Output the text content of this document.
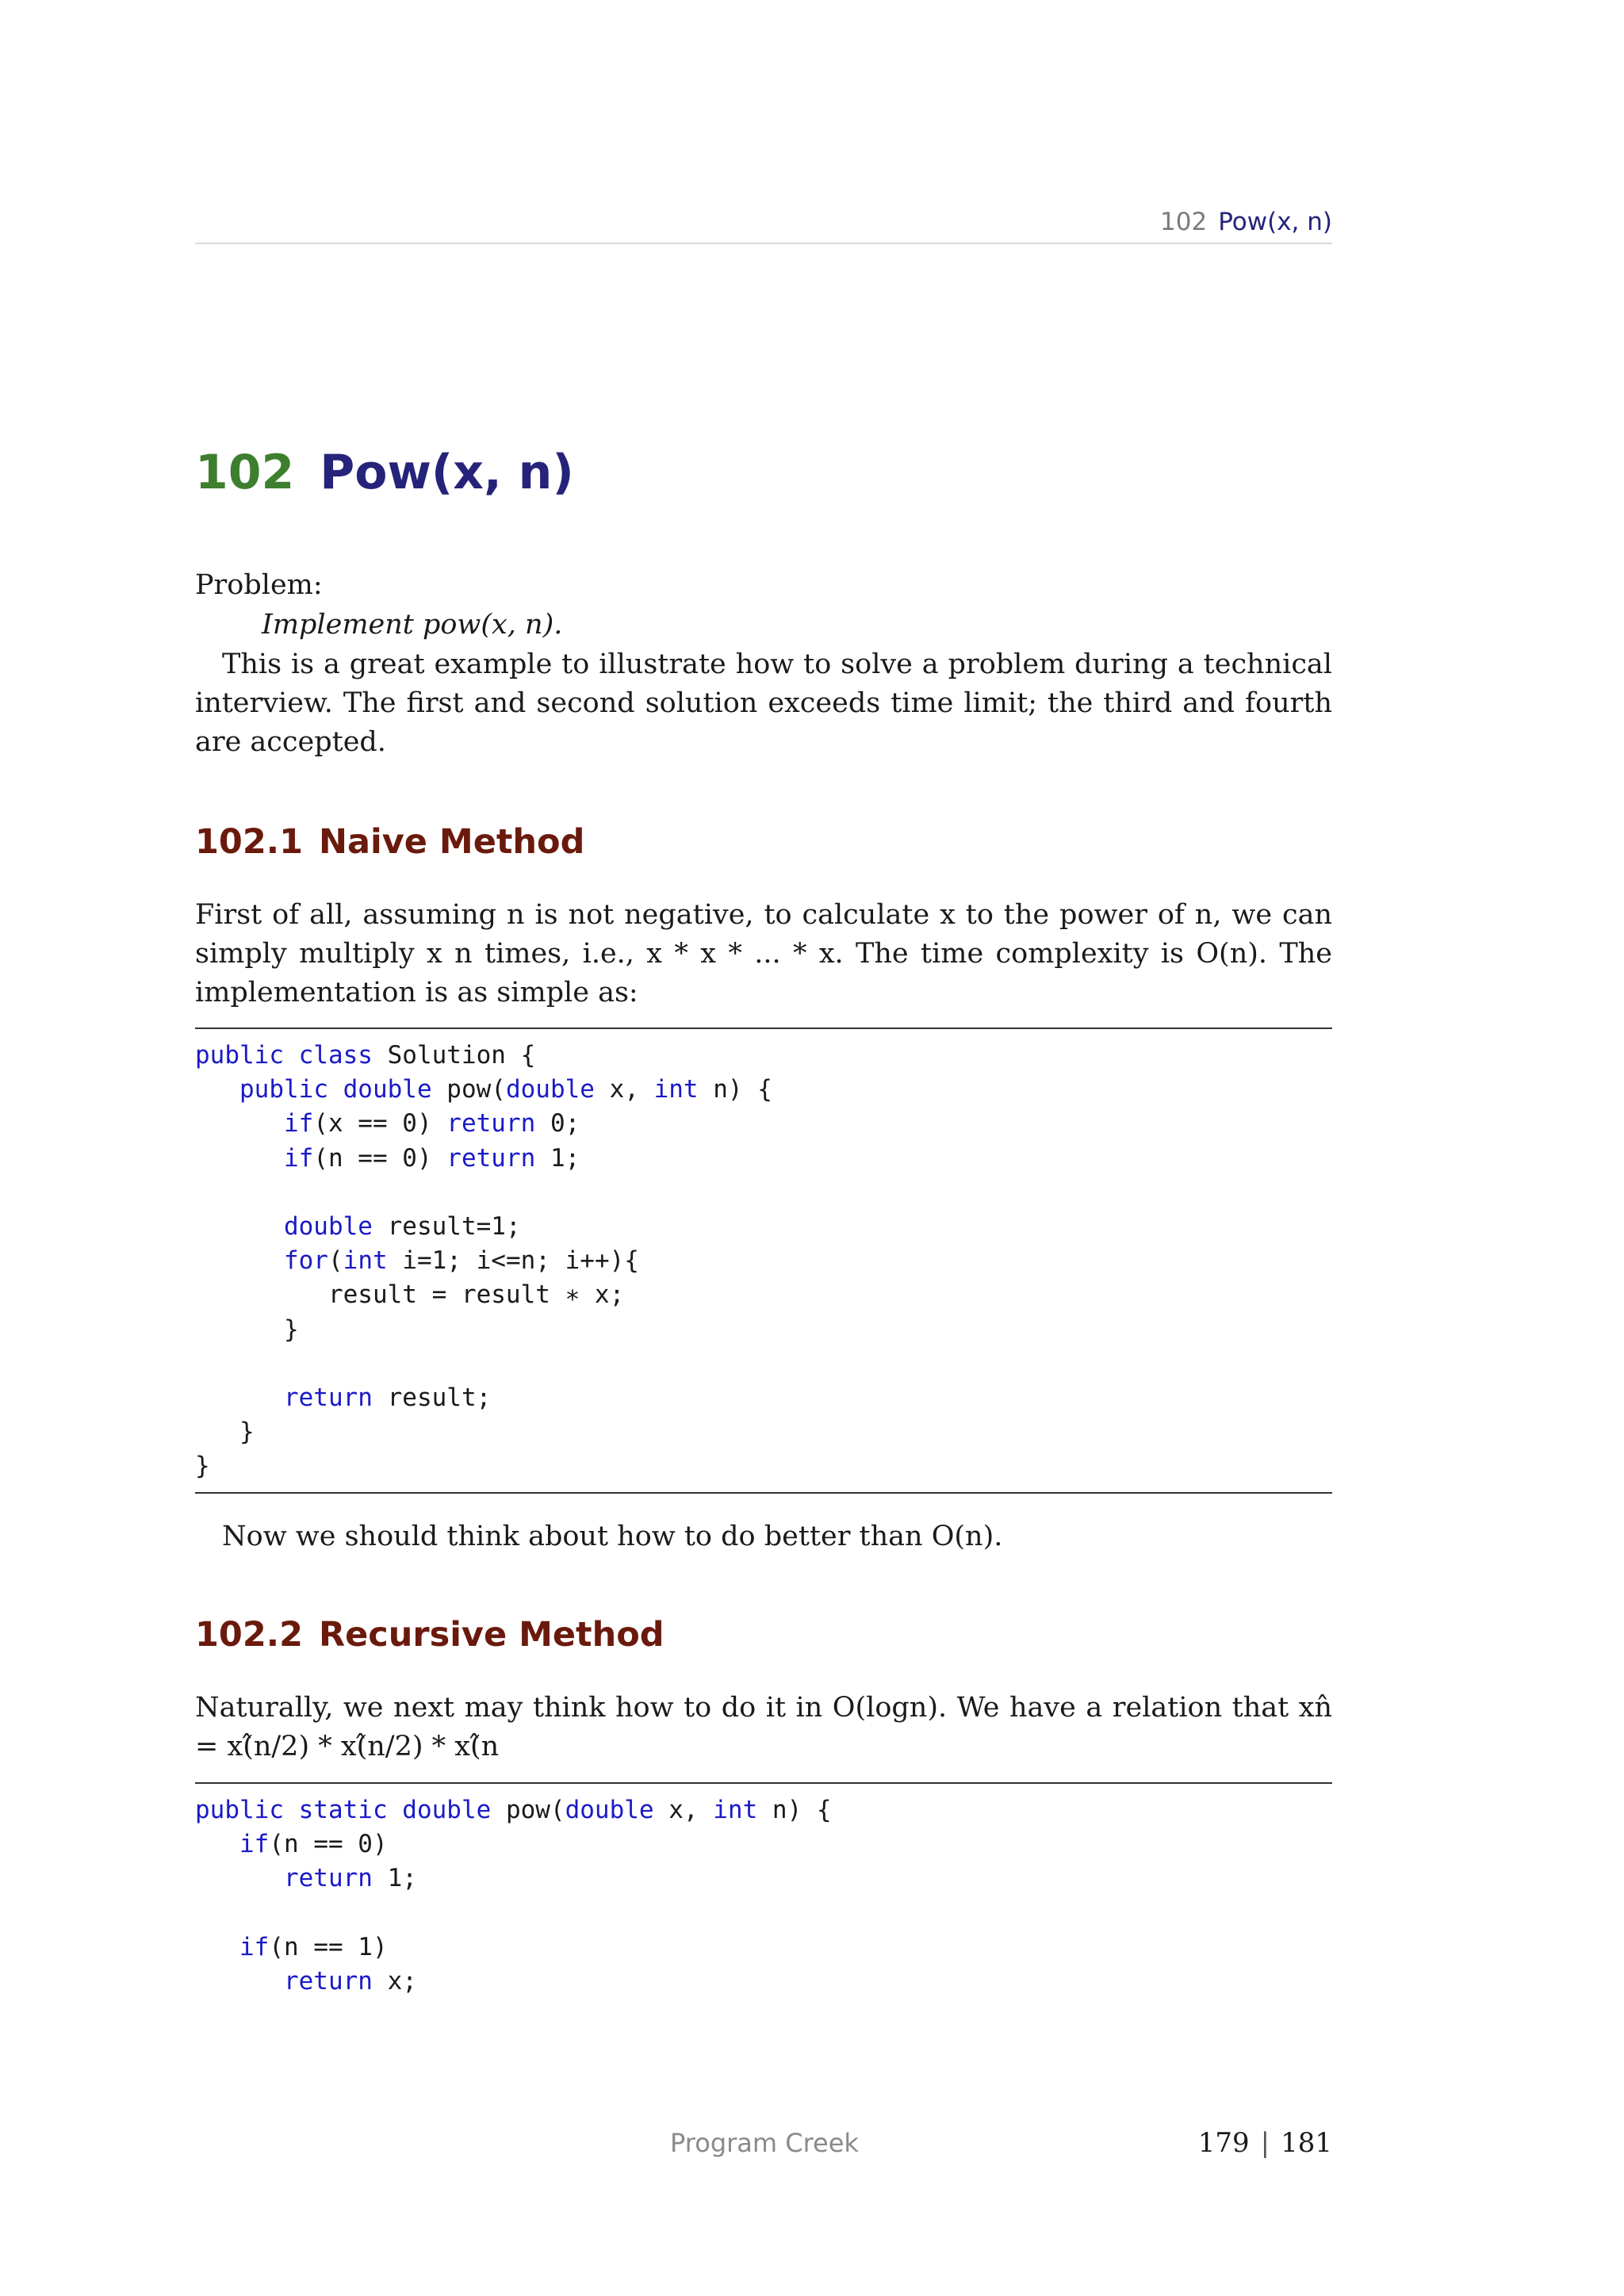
102 Pow(x, n)
102 Pow(x, n)

Problem:

Implement pow(x, n).

This is a great example to illustrate how to solve a problem during a technical interview. The first and second solution exceeds time limit; the third and fourth are accepted.

102.1 Naive Method

First of all, assuming n is not negative, to calculate x to the power of n, we can simply multiply x n times, i.e., x * x * ... * x. The time complexity is O(n). The implementation is as simple as:

public class Solution {
public double pow(double x, int n) {
if(x == 0) return 0;
if(n == 0) return 1;
double result=1;
for(int i=1; i<=n; i++){
result = result ∗ x;
}
return result;
}
}

Now we should think about how to do better than O(n).

102.2 Recursive Method

Naturally, we next may think how to do it in O(logn). We have a relation that xn̂ = x(̂n/2) * x(̂n/2) * x(̂n

public static double pow(double x, int n) {
if(n == 0)
return 1;
if(n == 1)
return x;
Program Creek	179 | 181
